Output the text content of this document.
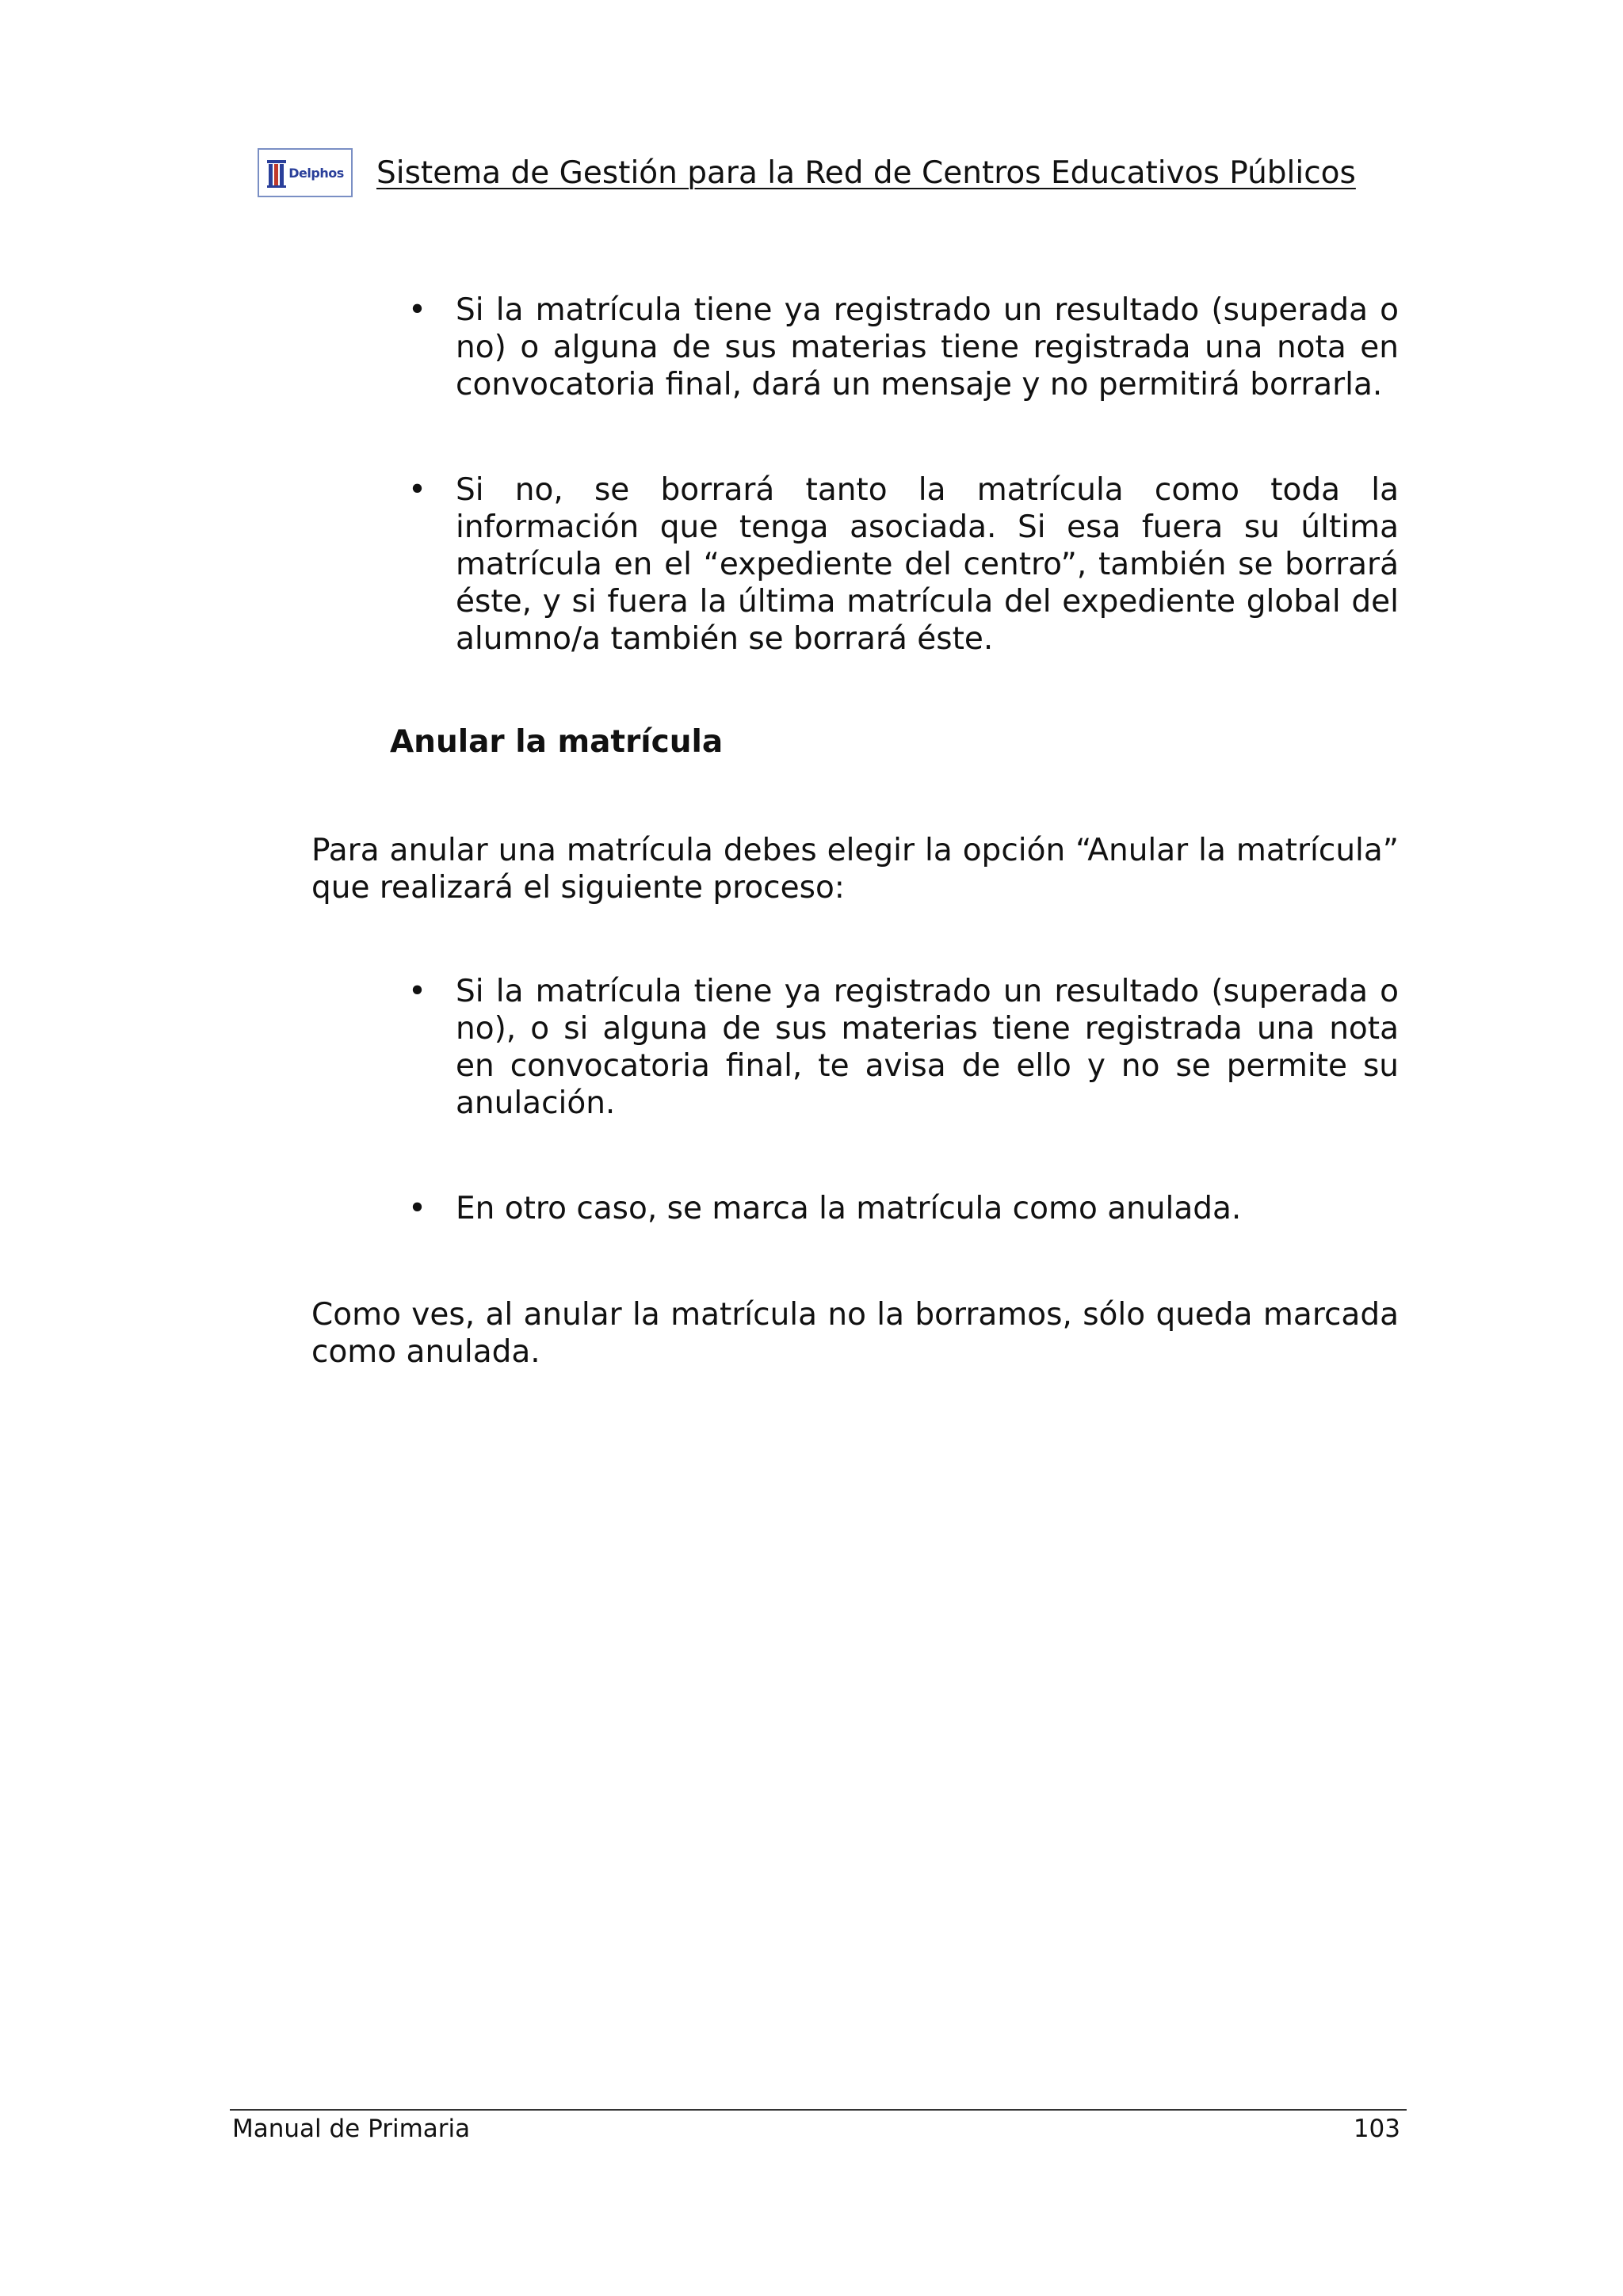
Delphos Sistema de Gestión para la Red de Centros Educativos Públicos
• Si la matrícula tiene ya registrado un resultado (superada o no) o alguna de sus materias tiene registrada una nota en convocatoria final, dará un mensaje y no permitirá borrarla.
• Si no, se borrará tanto la matrícula como toda la información que tenga asociada. Si esa fuera su última matrícula en el “expediente del centro”, también se borrará éste, y si fuera la última matrícula del expediente global del alumno/a también se borrará éste.
Anular la matrícula
Para anular una matrícula debes elegir la opción “Anular la matrícula” que realizará el siguiente proceso:
• Si la matrícula tiene ya registrado un resultado (superada o no), o si alguna de sus materias tiene registrada una nota en convocatoria final, te avisa de ello y no se permite su anulación.
• En otro caso, se marca la matrícula como anulada.
Como ves, al anular la matrícula no la borramos, sólo queda marcada como anulada.
Manual de Primaria	103
